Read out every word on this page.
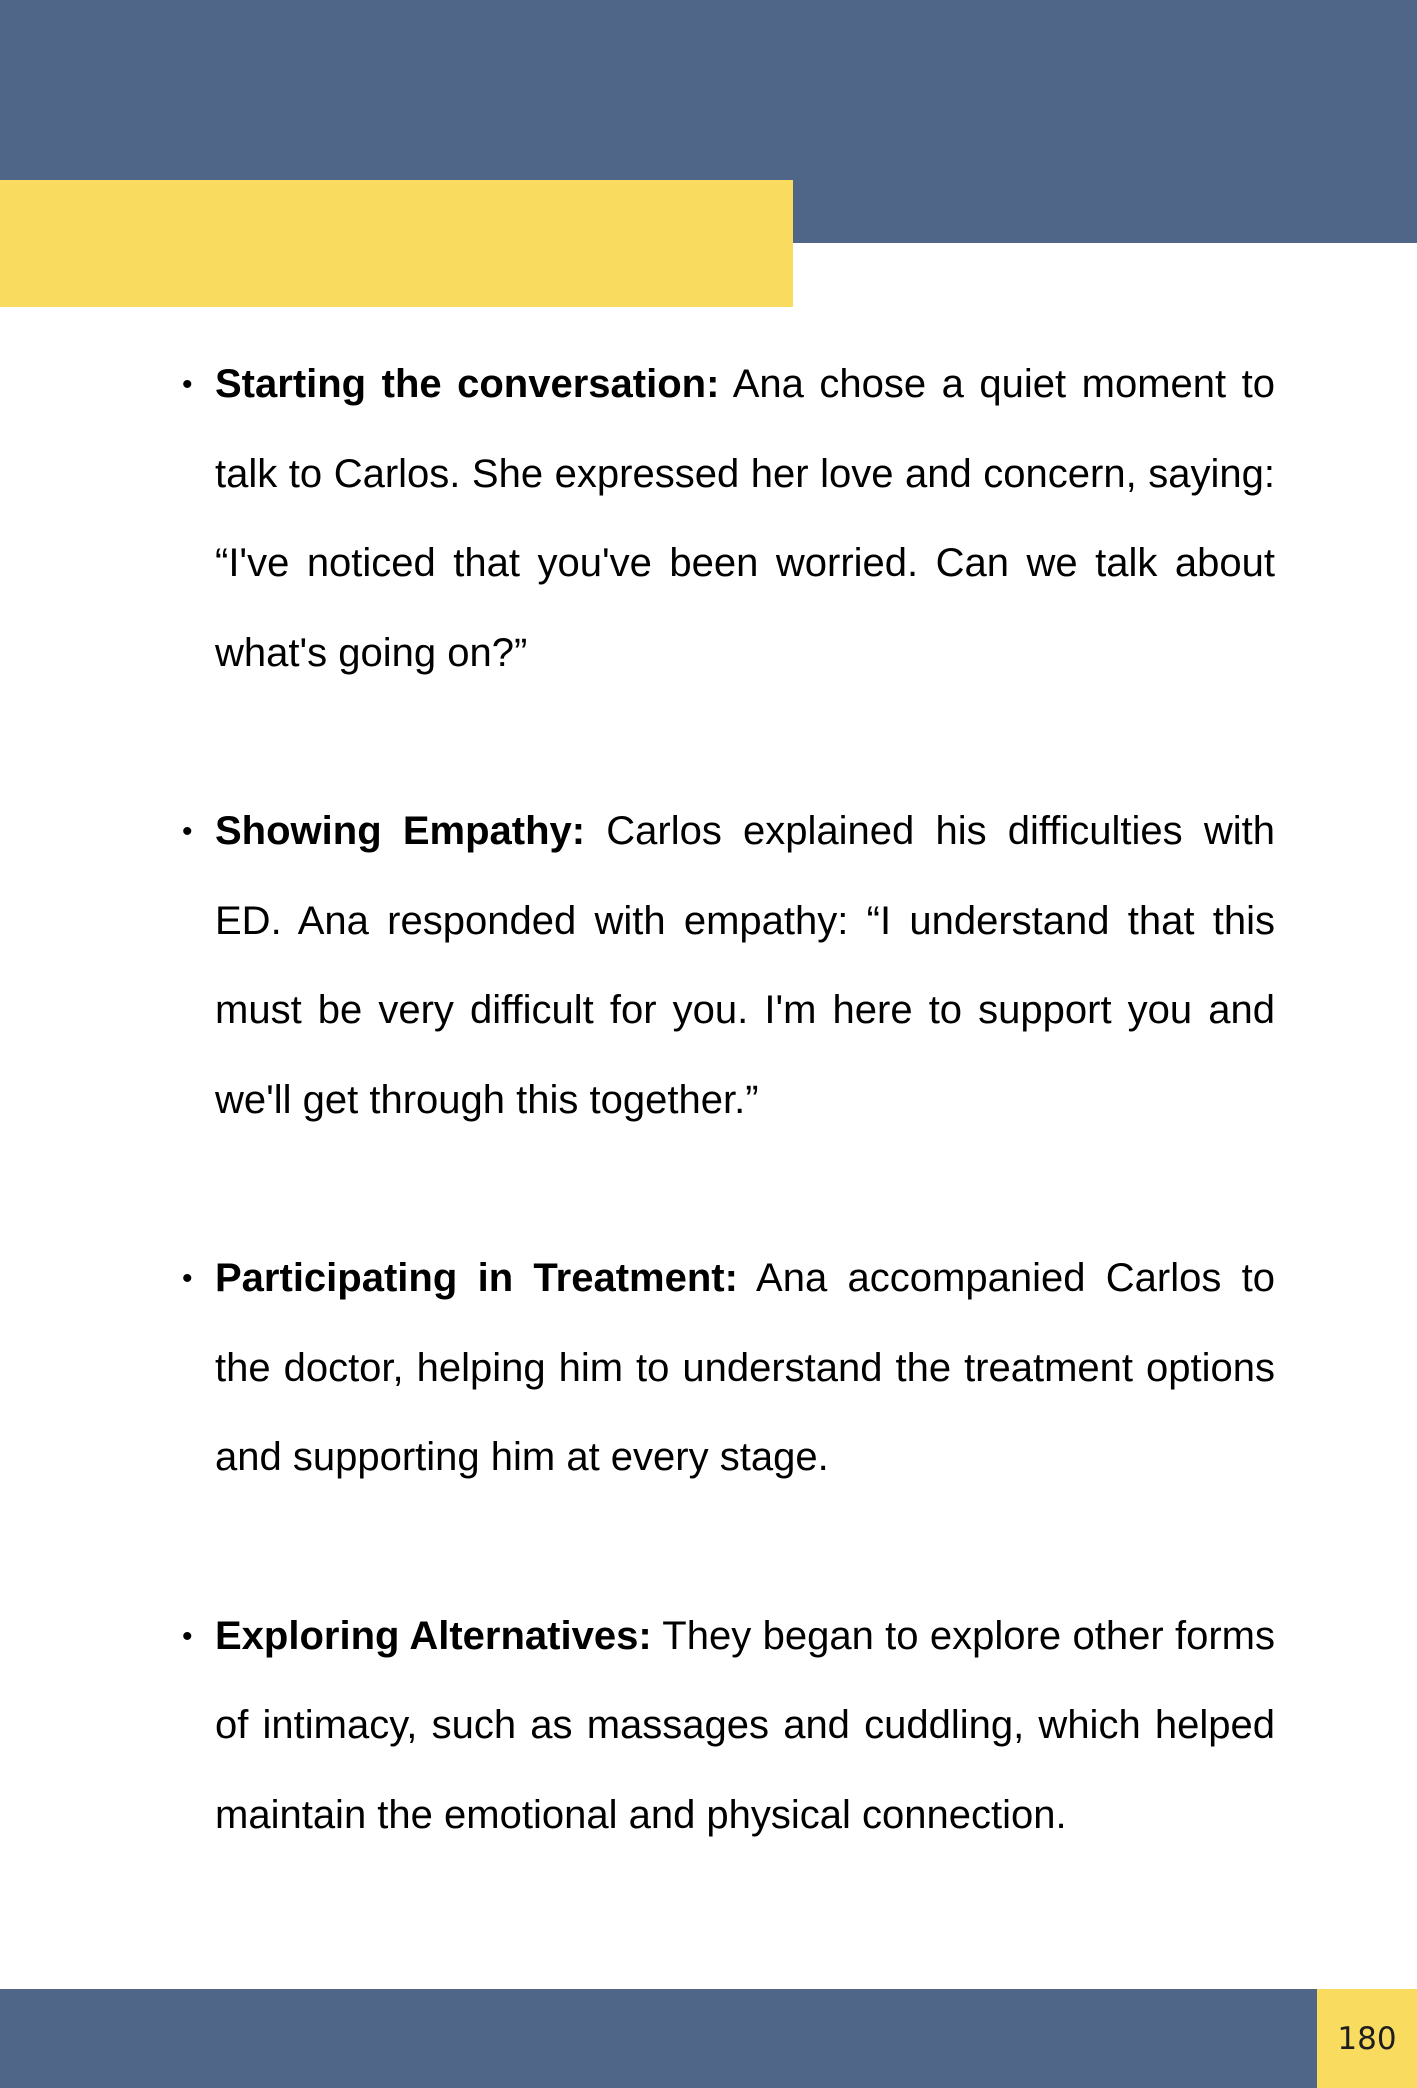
• Starting the conversation: Ana chose a quiet moment to talk to Carlos. She expressed her love and concern, saying: “I've noticed that you've been worried. Can we talk about what's going on?”
• Showing Empathy: Carlos explained his difficulties with ED. Ana responded with empathy: “I understand that this must be very difficult for you. I'm here to support you and we'll get through this together.”
• Participating in Treatment: Ana accompanied Carlos to the doctor, helping him to understand the treatment options and supporting him at every stage.
• Exploring Alternatives: They began to explore other forms of intimacy, such as massages and cuddling, which helped maintain the emotional and physical connection.
180
